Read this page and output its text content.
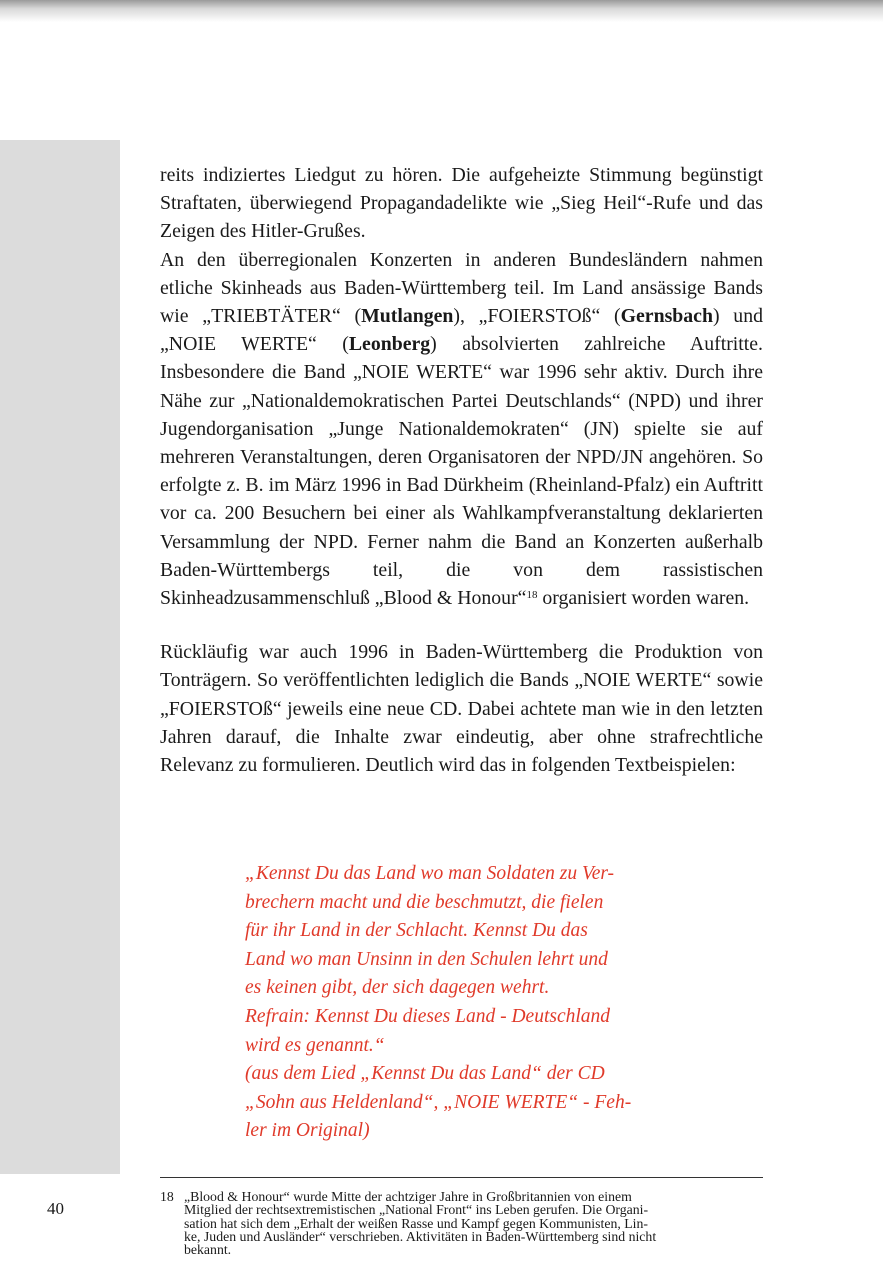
reits indiziertes Liedgut zu hören. Die aufgeheizte Stimmung begünstigt Straftaten, überwiegend Propagandadelikte wie „Sieg Heil“-Rufe und das Zeigen des Hitler-Grußes.

An den überregionalen Konzerten in anderen Bundesländern nahmen etliche Skinheads aus Baden-Württemberg teil. Im Land ansässige Bands wie „TRIEBTÄTER“ (Mutlangen), „FOIERSTOß“ (Gernsbach) und „NOIE WERTE“ (Leonberg) absolvierten zahlreiche Auftritte. Insbesondere die Band „NOIE WERTE“ war 1996 sehr aktiv. Durch ihre Nähe zur „Nationaldemokratischen Partei Deutschlands“ (NPD) und ihrer Jugendorganisation „Junge Nationaldemokraten“ (JN) spielte sie auf mehreren Veranstaltungen, deren Organisatoren der NPD/JN angehören. So erfolgte z. B. im März 1996 in Bad Dürkheim (Rheinland-Pfalz) ein Auftritt vor ca. 200 Besuchern bei einer als Wahlkampfveranstaltung deklarierten Versammlung der NPD. Ferner nahm die Band an Konzerten außerhalb Baden-Württembergs teil, die von dem rassistischen Skinheadzusammenschluß „Blood & Honour“$^{18}$ organisiert worden waren.

Rückläufig war auch 1996 in Baden-Württemberg die Produktion von Tonträgern. So veröffentlichten lediglich die Bands „NOIE WERTE“ sowie „FOIERSTOß“ jeweils eine neue CD. Dabei achtete man wie in den letzten Jahren darauf, die Inhalte zwar eindeutig, aber ohne strafrechtliche Relevanz zu formulieren. Deutlich wird das in folgenden Textbeispielen:

„Kennst Du das Land wo man Soldaten zu Ver-
brechern macht und die beschmutzt, die fielen
für ihr Land in der Schlacht. Kennst Du das
Land wo man Unsinn in den Schulen lehrt und
es keinen gibt, der sich dagegen wehrt.
Refrain: Kennst Du dieses Land - Deutschland
wird es genannt.“
(aus dem Lied „Kennst Du das Land“ der CD
„Sohn aus Heldenland“, „NOIE WERTE“ - Feh-
ler im Original)
40
18 „Blood & Honour“ wurde Mitte der achtziger Jahre in Großbritannien von einem
Mitglied der rechtsextremistischen „National Front“ ins Leben gerufen. Die Organi-
sation hat sich dem „Erhalt der weißen Rasse und Kampf gegen Kommunisten, Lin-
ke, Juden und Ausländer“ verschrieben. Aktivitäten in Baden-Württemberg sind nicht
bekannt.
